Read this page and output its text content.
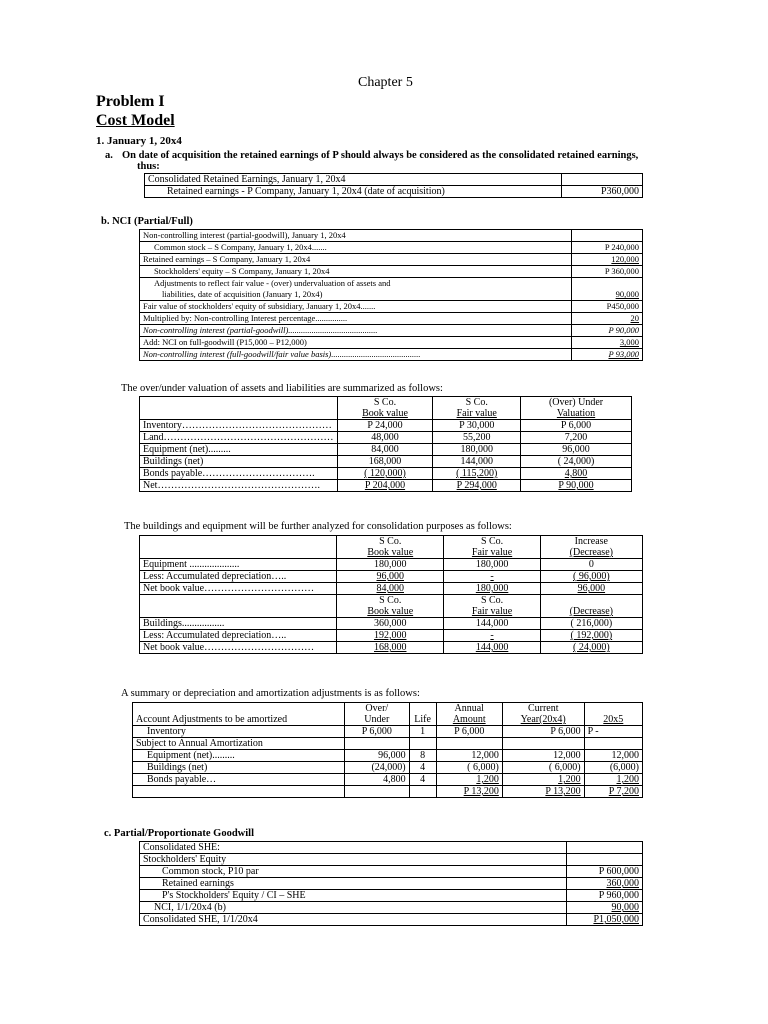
Chapter 5
Problem I
Cost Model
1. January 1, 20x4
a. On date of acquisition the retained earnings of P should always be considered as the consolidated retained earnings,
thus:
Consolidated Retained Earnings, January 1, 20x4	
Retained earnings - P Company, January 1, 20x4 (date of acquisition)	P360,000
b. NCI (Partial/Full)
Non-controlling interest (partial-goodwill), January 1, 20x4	
Common stock – S Company, January 1, 20x4.......	P 240,000
Retained earnings – S Company, January 1, 20x4	120,000
Stockholders' equity – S Company, January 1, 20x4	P 360,000
Adjustments to reflect fair value - (over) undervaluation of assets and	
liabilities, date of acquisition (January 1, 20x4)	90,000
Fair value of stockholders' equity of subsidiary, January 1, 20x4.......	P450,000
Multiplied by: Non-controlling Interest percentage...............	20
Non-controlling interest (partial-goodwill)..........................................	P 90,000
Add: NCI on full-goodwill (P15,000 – P12,000)	3,000
Non-controlling interest (full-goodwill/fair value basis)..........................................	P 93,000
The over/under valuation of assets and liabilities are summarized as follows:
	S Co.	S Co.	(Over) Under
	Book value	Fair value	Valuation
Inventory………………………………………	P 24,000	P 30,000	P 6,000
Land……………………………………………	48,000	55,200	7,200
Equipment (net).........	84,000	180,000	96,000
Buildings (net)	168,000	144,000	( 24,000)
Bonds payable…………………………….	( 120,000)	( 115,200)	4,800
Net………………………………………….	P 204,000	P 294,000	P 90,000
The buildings and equipment will be further analyzed for consolidation purposes as follows:
	S Co.	S Co.	Increase
	Book value	Fair value	(Decrease)
Equipment ....................	180,000	180,000	0
Less: Accumulated depreciation…..	96,000	-	( 96,000)
Net book value……………………………	84,000	180,000	96,000
	S Co.	S Co.	
	Book value	Fair value	(Decrease)
Buildings.................	360,000	144,000	( 216,000)
Less: Accumulated depreciation…..	192,000	-	( 192,000)
Net book value……………………………	168,000	144,000	( 24,000)
A summary or depreciation and amortization adjustments is as follows:
	Over/		Annual	Current	
Account Adjustments to be amortized	Under	Life	Amount	Year(20x4)	20x5
Inventory	P 6,000	1	P 6,000	P 6,000	P -
Subject to Annual Amortization					
Equipment (net).........	96,000	8	12,000	12,000	12,000
Buildings (net)	(24,000)	4	( 6,000)	( 6,000)	(6,000)
Bonds payable…	4,800	4	1,200	1,200	1,200
			P 13,200	P 13,200	P 7,200
c. Partial/Proportionate Goodwill
Consolidated SHE:	
Stockholders' Equity	
Common stock, P10 par	P 600,000
Retained earnings	360,000
P's Stockholders' Equity / CI – SHE	P 960,000
NCI, 1/1/20x4 (b)	90,000
Consolidated SHE, 1/1/20x4	P1,050,000
